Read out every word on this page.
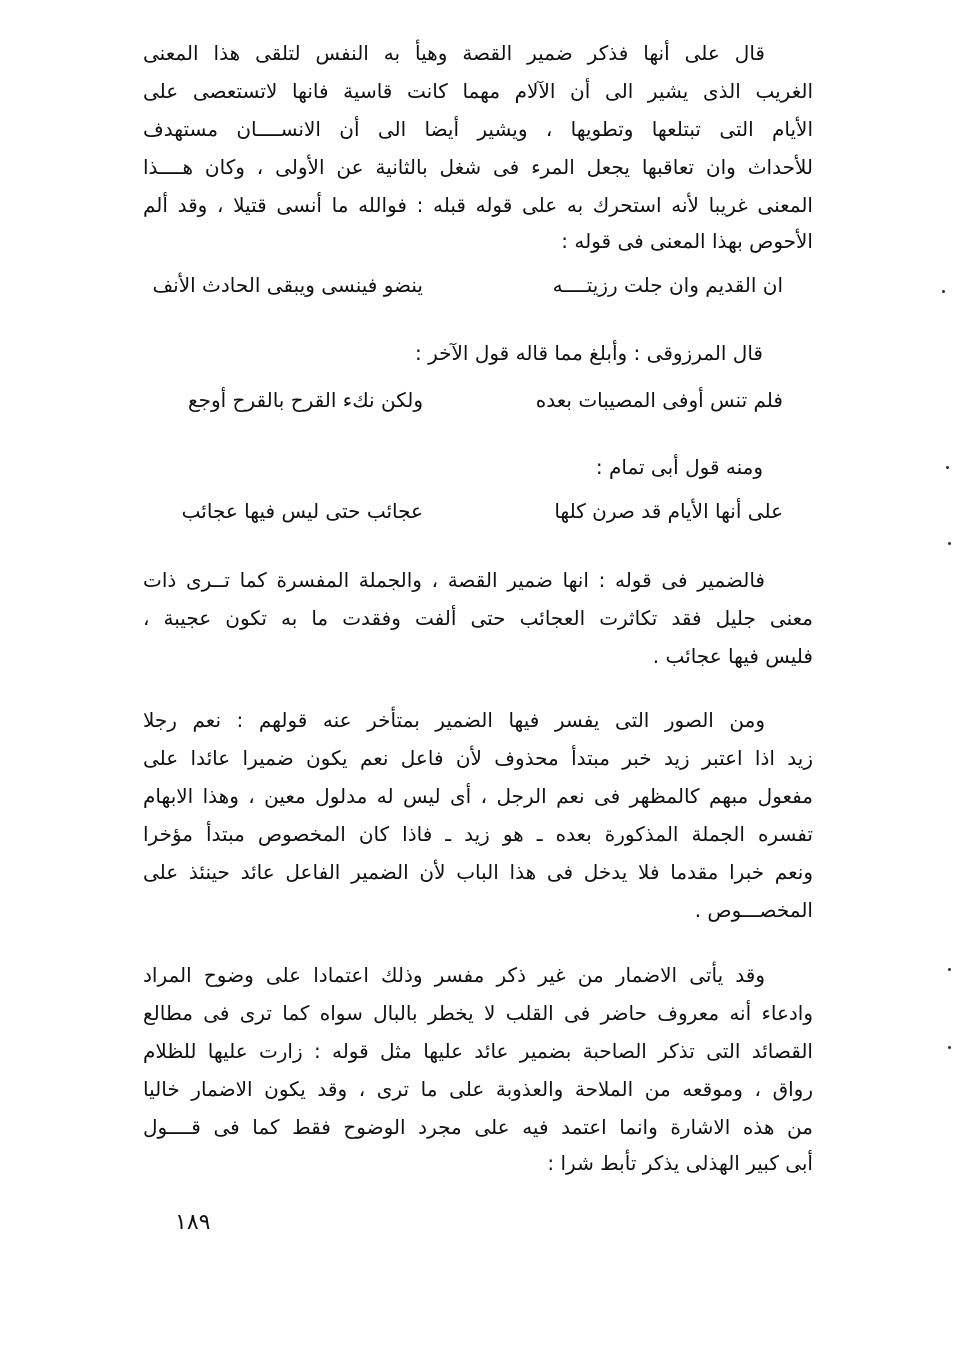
قال على أنها فذكر ضمير القصة وهيأ به النفس لتلقى هذا المعنى
الغريب الذى يشير الى أن الآلام مهما كانت قاسية فانها لاتستعصى على
الأيام التى تبتلعها وتطويها ، ويشير أيضا الى أن الانســــان مستهدف
للأحداث وان تعاقبها يجعل المرء فى شغل بالثانية عن الأولى ، وكان هــــذا
المعنى غريبا لأنه استحرك به على قوله قبله : فوالله ما أنسى قتيلا ، وقد ألم
الأحوص بهذا المعنى فى قوله :
ان القديم وان جلت رزيتــــه
ينضو فينسى ويبقى الحادث الأنف
قال المرزوقى : وأبلغ مما قاله قول الآخر :
فلم تنس أوفى المصيبات بعده
ولكن نكء القرح بالقرح أوجع
ومنه قول أبى تمام :
على أنها الأيام قد صرن كلها
عجائب حتى ليس فيها عجائب
فالضمير فى قوله : انها ضمير القصة ، والجملة المفسرة كما تــرى ذات
معنى جليل فقد تكاثرت العجائب حتى ألفت وفقدت ما به تكون عجيبة ،
فليس فيها عجائب .
ومن الصور التى يفسر فيها الضمير بمتأخر عنه قولهم : نعم رجلا
زيد اذا اعتبر زيد خبر مبتدأ محذوف لأن فاعل نعم يكون ضميرا عائدا على
مفعول مبهم كالمظهر فى نعم الرجل ، أى ليس له مدلول معين ، وهذا الابهام
تفسره الجملة المذكورة بعده ـ هو زيد ـ فاذا كان المخصوص مبتدأ مؤخرا
ونعم خبرا مقدما فلا يدخل فى هذا الباب لأن الضمير الفاعل عائد حينئذ على
المخصـــوص .
وقد يأتى الاضمار من غير ذكر مفسر وذلك اعتمادا على وضوح المراد
وادعاء أنه معروف حاضر فى القلب لا يخطر بالبال سواه كما ترى فى مطالع
القصائد التى تذكر الصاحبة بضمير عائد عليها مثل قوله : زارت عليها للظلام
رواق ، وموقعه من الملاحة والعذوبة على ما ترى ، وقد يكون الاضمار خاليا
من هذه الاشارة وانما اعتمد فيه على مجرد الوضوح فقط كما فى قــــول
أبى كبير الهذلى يذكر تأبط شرا :
١٨٩
